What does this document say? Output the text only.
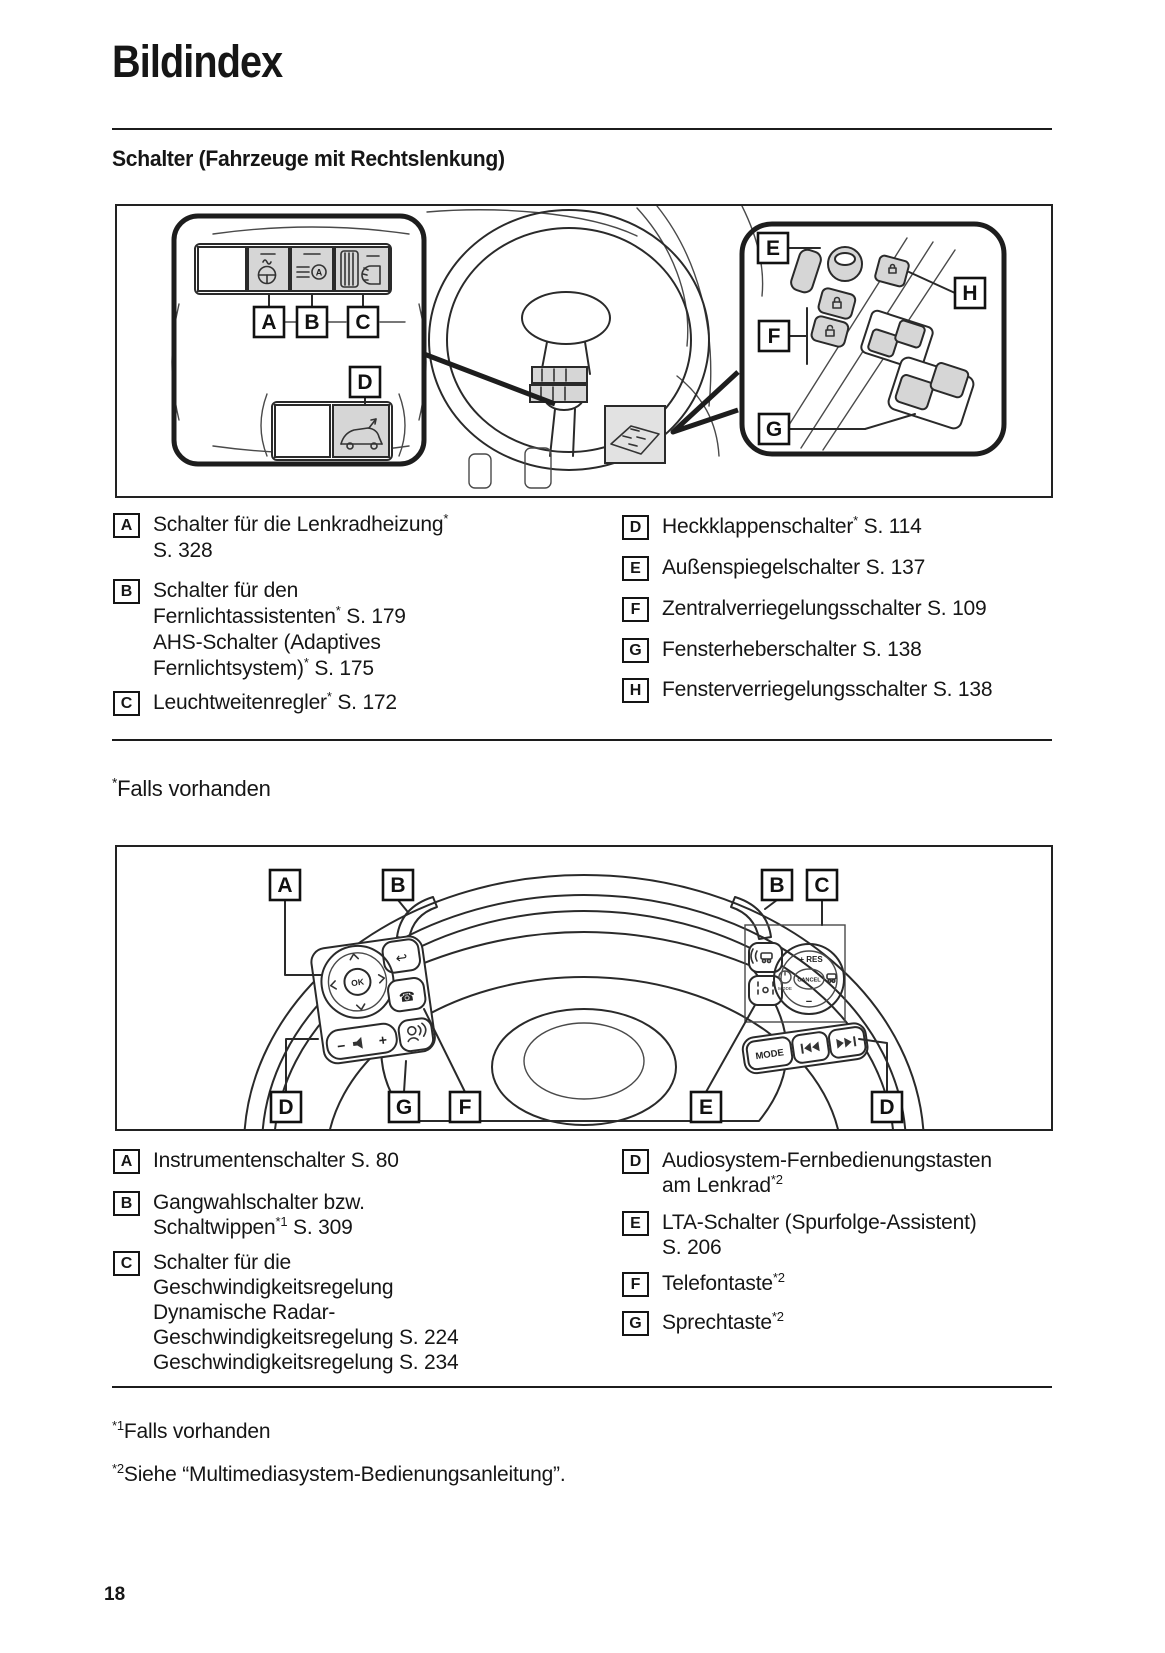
Bildindex
Schalter (Fahrzeuge mit Rechtslenkung)
A
A B C
D
E
F
G
H
A Schalter für die Lenkradheizung*
S. 328
B Schalter für den
Fernlichtassistenten* S. 179
AHS-Schalter (Adaptives
Fernlichtsystem)* S. 175
C Leuchtweitenregler* S. 172
D Heckklappenschalter* S. 114
E	Außenspiegelschalter S. 137
F	Zentralverriegelungsschalter S. 109
G Fensterheberschalter S. 138
H Fensterverriegelungsschalter S. 138
*Falls vorhanden
↩
OK
☎
− +
+ RES
CANCEL
−
MODE
MODE
A	B	B C
D	G F	E	D
A Instrumentenschalter S. 80
B Gangwahlschalter bzw.
Schaltwippen$^{*1}$ S. 309
C Schalter für die
Geschwindigkeitsregelung
Dynamische Radar-
Geschwindigkeitsregelung S. 224
Geschwindigkeitsregelung S. 234
D Audiosystem-Fernbedienungstasten
am Lenkrad$^{*2}$
E	LTA-Schalter (Spurfolge-Assistent)
S. 206
F	Telefontaste$^{*2}$
G Sprechtaste$^{*2}$
$^{*1}$Falls vorhanden
$^{*2}$Siehe “Multimediasystem-Bedienungsanleitung”.
18
